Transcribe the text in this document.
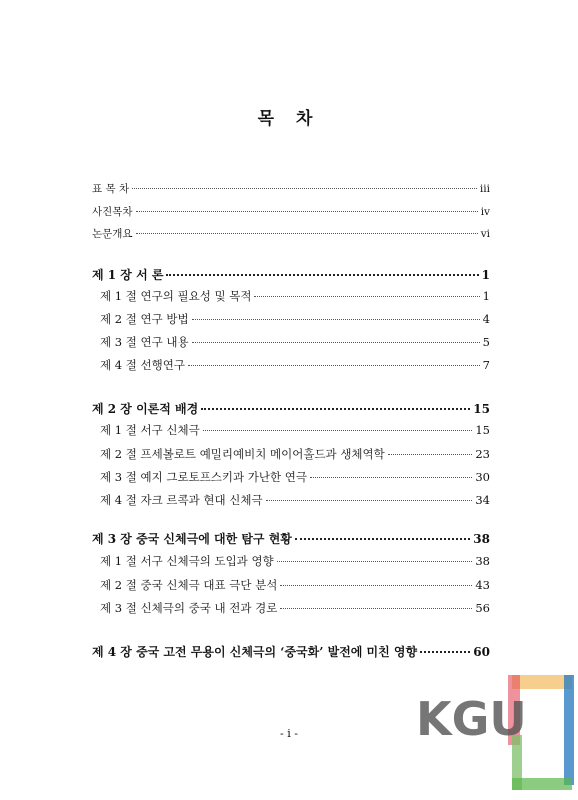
목 차
표 목 차	iii
사진목차	iv
논문개요	vi
제 1 장 서 론	1
제 1 절 연구의 필요성 및 목적	1
제 2 절 연구 방법	4
제 3 절 연구 내용	5
제 4 절 선행연구	7
제 2 장 이론적 배경	15
제 1 절 서구 신체극	15
제 2 절 프세볼로트 예밀리예비치 메이어홀드과 생체역학	23
제 3 절 예지 그로토프스키과 가난한 연극	30
제 4 절 자크 르콕과 현대 신체극	34
제 3 장 중국 신체극에 대한 탐구 현황	38
제 1 절 서구 신체극의 도입과 영향	38
제 2 절 중국 신체극 대표 극단 분석	43
제 3 절 신체극의 중국 내 전과 경로	56
제 4 장 중국 고전 무용이 신체극의 ‘중국화’ 발전에 미친 영향	60
- i -	KGU
